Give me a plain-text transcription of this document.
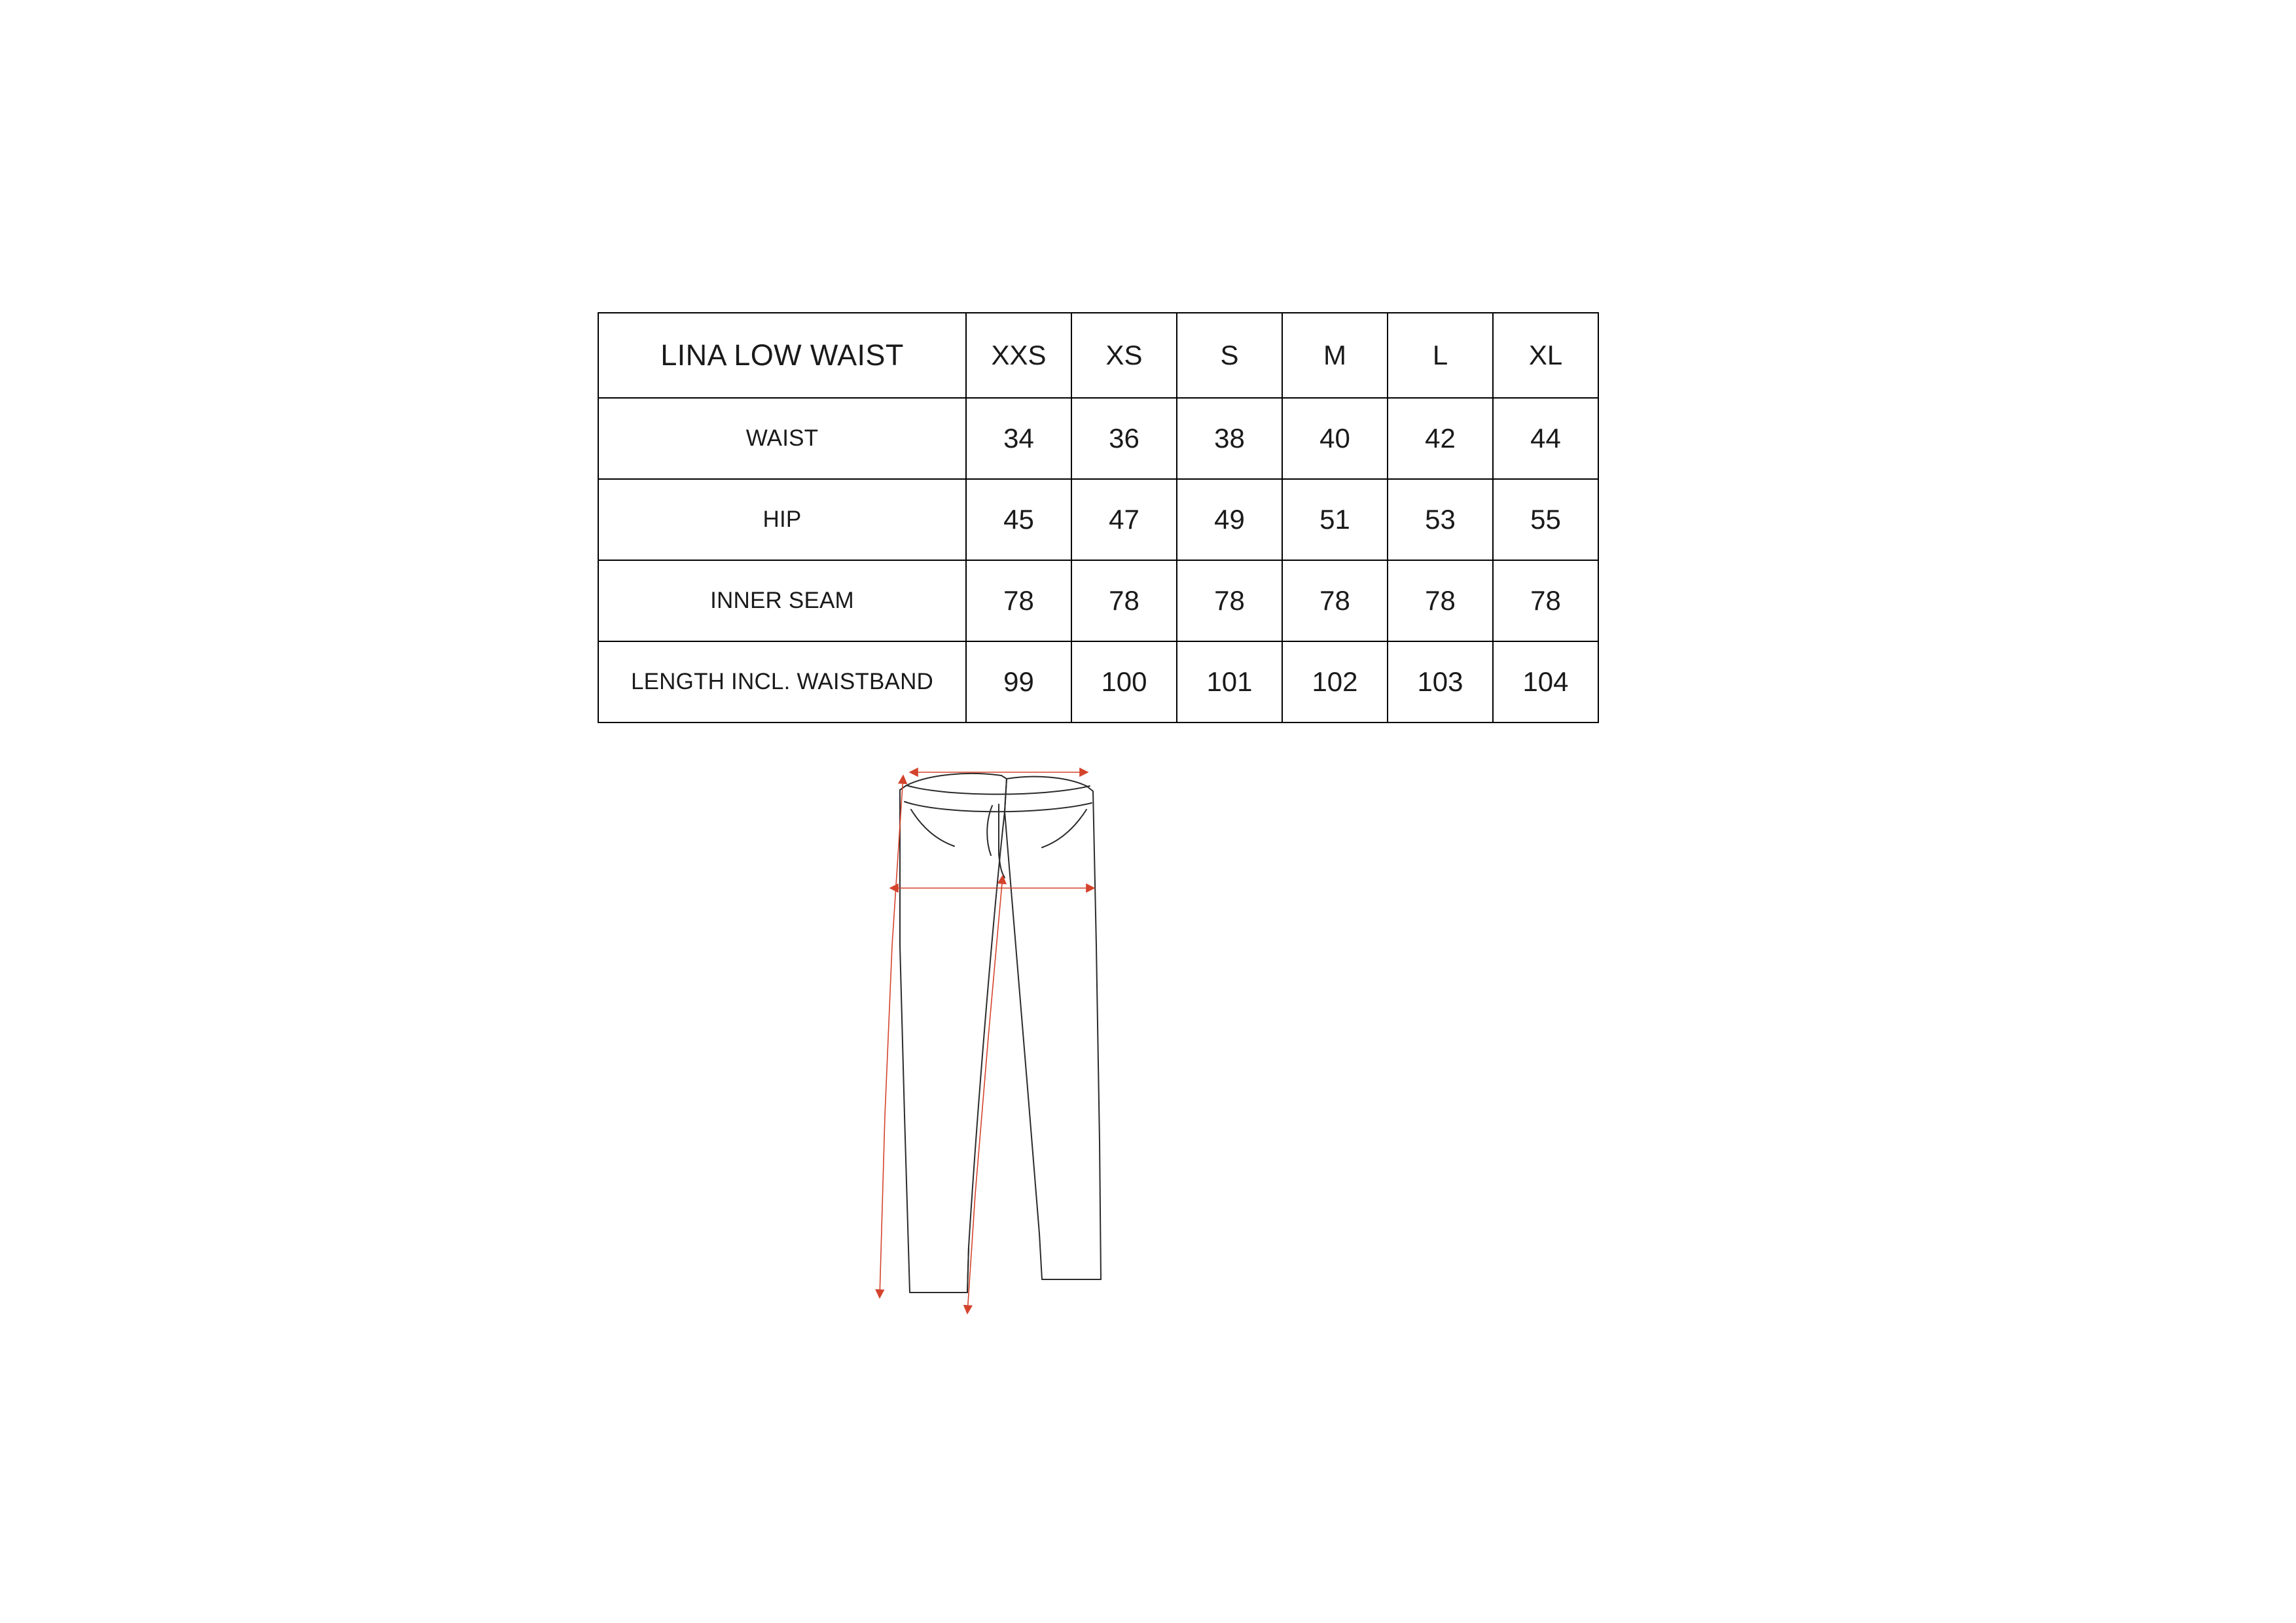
LINA LOW WAIST	XXS	XS	S	M	L	XL
WAIST	34	36	38	40	42	44
HIP	45	47	49	51	53	55
INNER SEAM	78	78	78	78	78	78
LENGTH INCL. WAISTBAND	99	100	101	102	103	104
